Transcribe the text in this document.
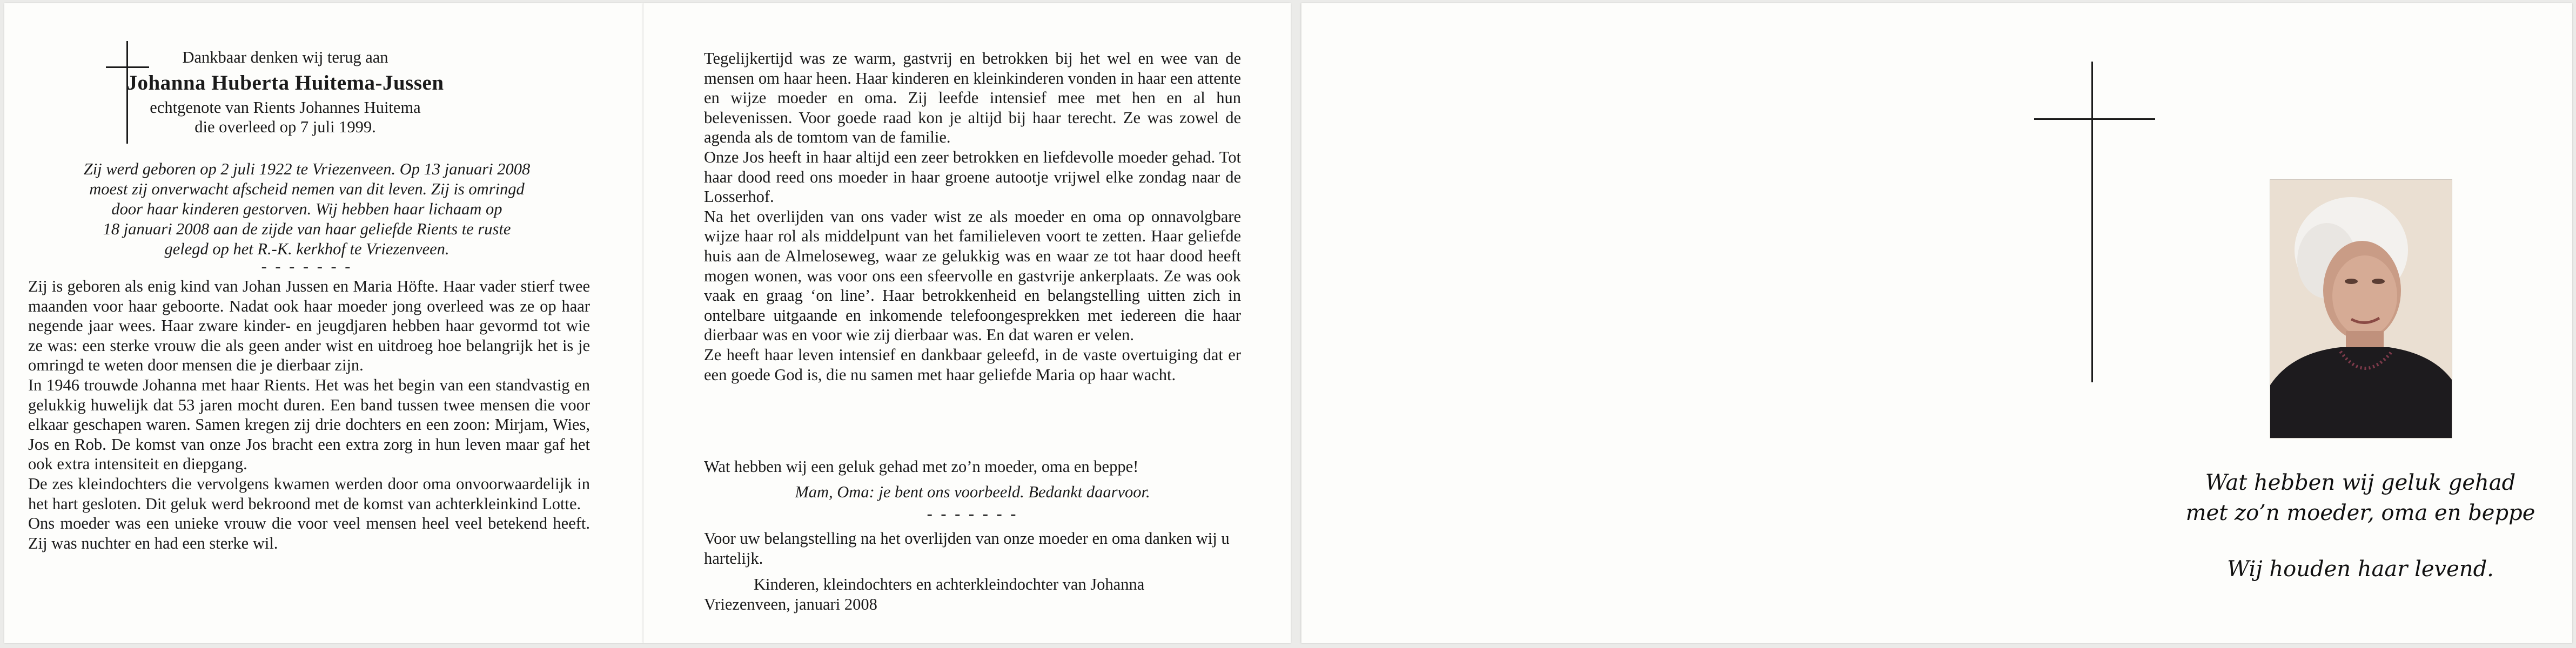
Dankbaar denken wij terug aan

Johanna Huberta Huitema-Jussen

echtgenote van Rients Johannes Huitema

die overleed op 7 juli 1999.

Zij werd geboren op 2 juli 1922 te Vriezenveen. Op 13 januari 2008

moest zij onverwacht afscheid nemen van dit leven. Zij is omringd

door haar kinderen gestorven. Wij hebben haar lichaam op

18 januari 2008 aan de zijde van haar geliefde Rients te ruste

gelegd op het R.-K. kerkhof te Vriezenveen.

- - - - - - -

Zij is geboren als enig kind van Johan Jussen en Maria Höfte. Haar vader stierf twee maanden voor haar geboorte. Nadat ook haar moeder jong overleed was ze op haar negende jaar wees. Haar zware kinder- en jeugdjaren hebben haar gevormd tot wie ze was: een sterke vrouw die als geen ander wist en uitdroeg hoe belangrijk het is je omringd te weten door mensen die je dierbaar zijn.

In 1946 trouwde Johanna met haar Rients. Het was het begin van een standvastig en gelukkig huwelijk dat 53 jaren mocht duren. Een band tussen twee mensen die voor elkaar geschapen waren. Samen kregen zij drie dochters en een zoon: Mirjam, Wies, Jos en Rob. De komst van onze Jos bracht een extra zorg in hun leven maar gaf het ook extra intensiteit en diepgang.

De zes kleindochters die vervolgens kwamen werden door oma onvoorwaardelijk in het hart gesloten. Dit geluk werd bekroond met de komst van achterkleinkind Lotte.

Ons moeder was een unieke vrouw die voor veel mensen heel veel betekend heeft. Zij was nuchter en had een sterke wil.

Tegelijkertijd was ze warm, gastvrij en betrokken bij het wel en wee van de mensen om haar heen. Haar kinderen en kleinkinderen vonden in haar een attente en wijze moeder en oma. Zij leefde intensief mee met hen en al hun belevenissen. Voor goede raad kon je altijd bij haar terecht. Ze was zowel de agenda als de tomtom van de familie.

Onze Jos heeft in haar altijd een zeer betrokken en liefdevolle moeder gehad. Tot haar dood reed ons moeder in haar groene autootje vrijwel elke zondag naar de Losserhof.

Na het overlijden van ons vader wist ze als moeder en oma op onnavolgbare wijze haar rol als middelpunt van het familieleven voort te zetten. Haar geliefde huis aan de Almeloseweg, waar ze gelukkig was en waar ze tot haar dood heeft mogen wonen, was voor ons een sfeervolle en gastvrije ankerplaats. Ze was ook vaak en graag ‘on line’. Haar betrokkenheid en belangstelling uitten zich in ontelbare uitgaande en inkomende telefoongesprekken met iedereen die haar dierbaar was en voor wie zij dierbaar was. En dat waren er velen.

Ze heeft haar leven intensief en dankbaar geleefd, in de vaste overtuiging dat er een goede God is, die nu samen met haar geliefde Maria op haar wacht.

Wat hebben wij een geluk gehad met zo’n moeder, oma en beppe!
Mam, Oma: je bent ons voorbeeld. Bedankt daarvoor.
- - - - - - -
Voor uw belangstelling na het overlijden van onze moeder en oma danken wij u hartelijk.

Kinderen, kleindochters en achterkleindochter van Johanna

Vriezenveen, januari 2008

Wat hebben wij geluk gehad

met zo’n moeder, oma en beppe

Wij houden haar levend.
